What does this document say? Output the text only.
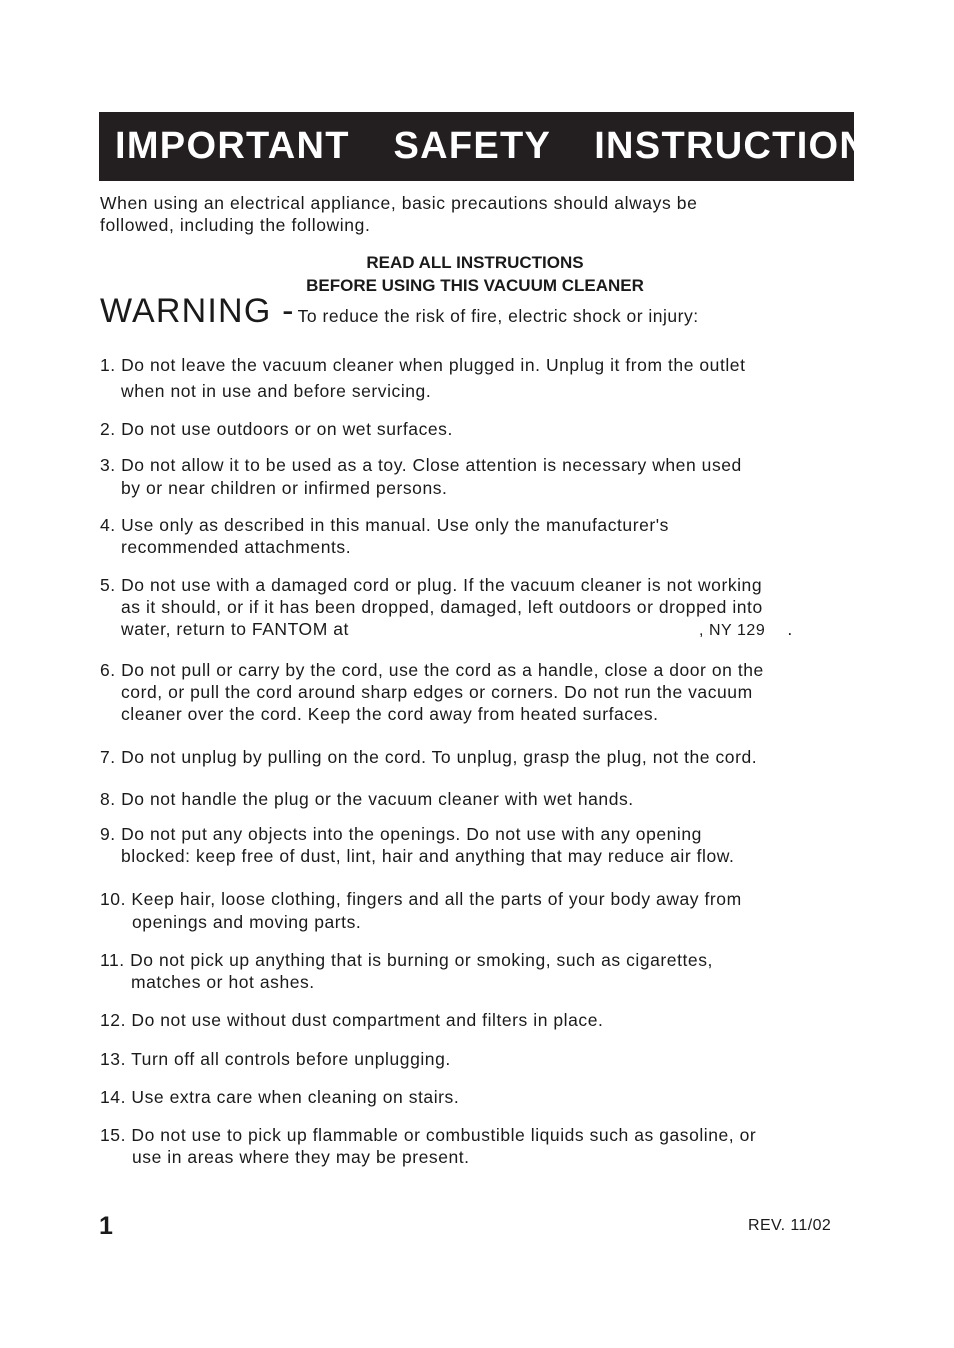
IMPORTANT  SAFETY  INSTRUCTIONS
When using an electrical appliance, basic precautions should always be
followed, including the following.
READ ALL INSTRUCTIONS
BEFORE USING THIS VACUUM CLEANER
WARNING - To reduce the risk of fire, electric shock or injury:
1. Do not leave the vacuum cleaner when plugged in. Unplug it from the outlet
when not in use and before servicing.
2. Do not use outdoors or on wet surfaces.
3. Do not allow it to be used as a toy. Close attention is necessary when used
by or near children or infirmed persons.
4. Use only as described in this manual. Use only the manufacturer's
recommended attachments.
5. Do not use with a damaged cord or plug. If the vacuum cleaner is not working
as it should, or if it has been dropped, damaged, left outdoors or dropped into
water, return to FANTOM at	, NY 129 .
6. Do not pull or carry by the cord, use the cord as a handle, close a door on the
cord, or pull the cord around sharp edges or corners. Do not run the vacuum
cleaner over the cord. Keep the cord away from heated surfaces.
7. Do not unplug by pulling on the cord. To unplug, grasp the plug, not the cord.
8. Do not handle the plug or the vacuum cleaner with wet hands.
9. Do not put any objects into the openings. Do not use with any opening
blocked: keep free of dust, lint, hair and anything that may reduce air flow.
10. Keep hair, loose clothing, fingers and all the parts of your body away from
openings and moving parts.
11. Do not pick up anything that is burning or smoking, such as cigarettes,
matches or hot ashes.
12. Do not use without dust compartment and filters in place.
13. Turn off all controls before unplugging.
14. Use extra care when cleaning on stairs.
15. Do not use to pick up flammable or combustible liquids such as gasoline, or
use in areas where they may be present.
1	REV. 11/02
